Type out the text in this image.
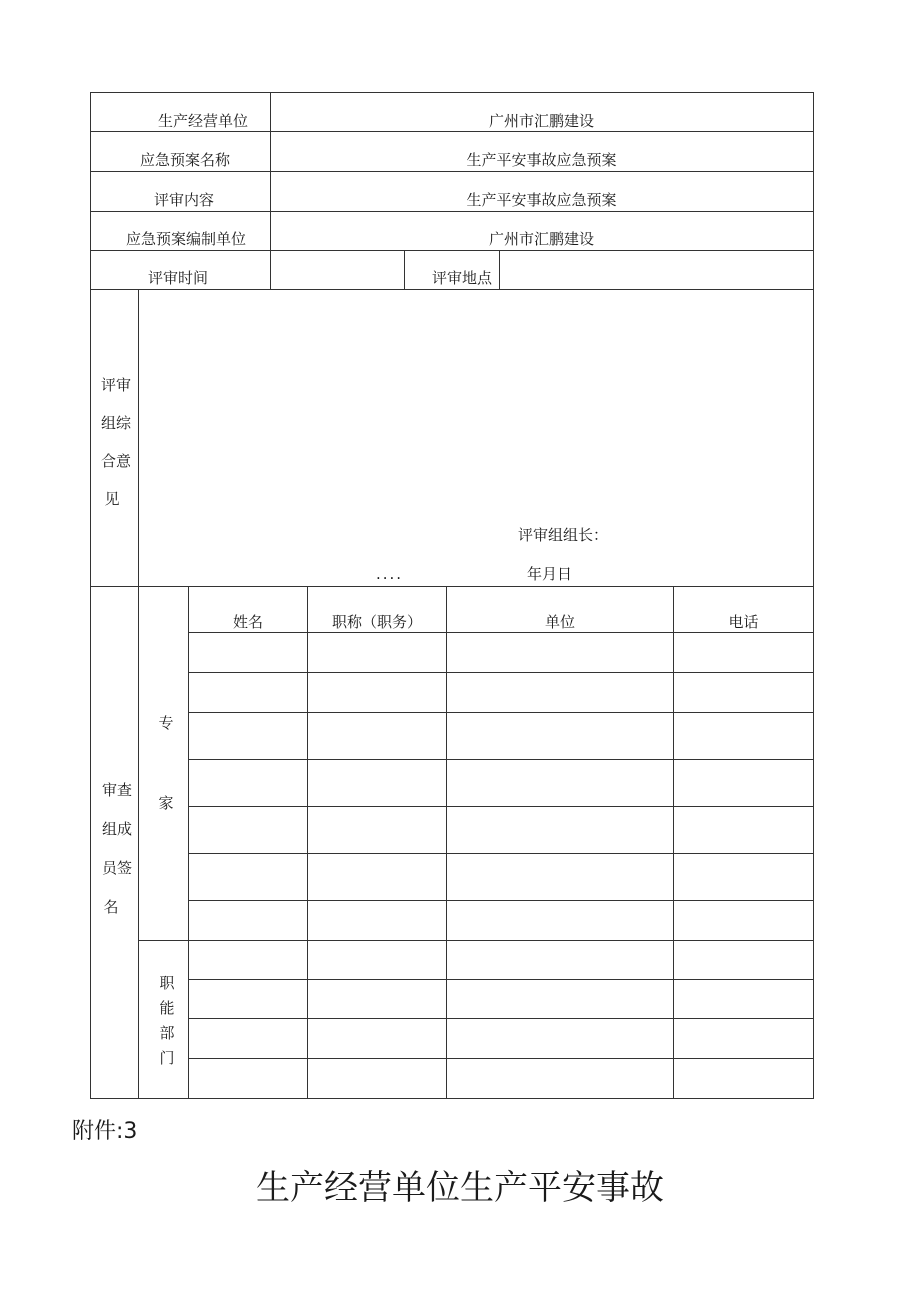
生产经营单位	广州市汇鹏建设
应急预案名称	生产平安事故应急预案
评审内容	生产平安事故应急预案
应急预案编制单位	广州市汇鹏建设
评审时间	评审地点
评审
组综
合意
见
评审组组长：
....	年月日
审查
组成
员签
名
专
家
职
能
部
门
姓名	职称（职务）	单位	电话
附件:3
生产经营单位生产平安事故
